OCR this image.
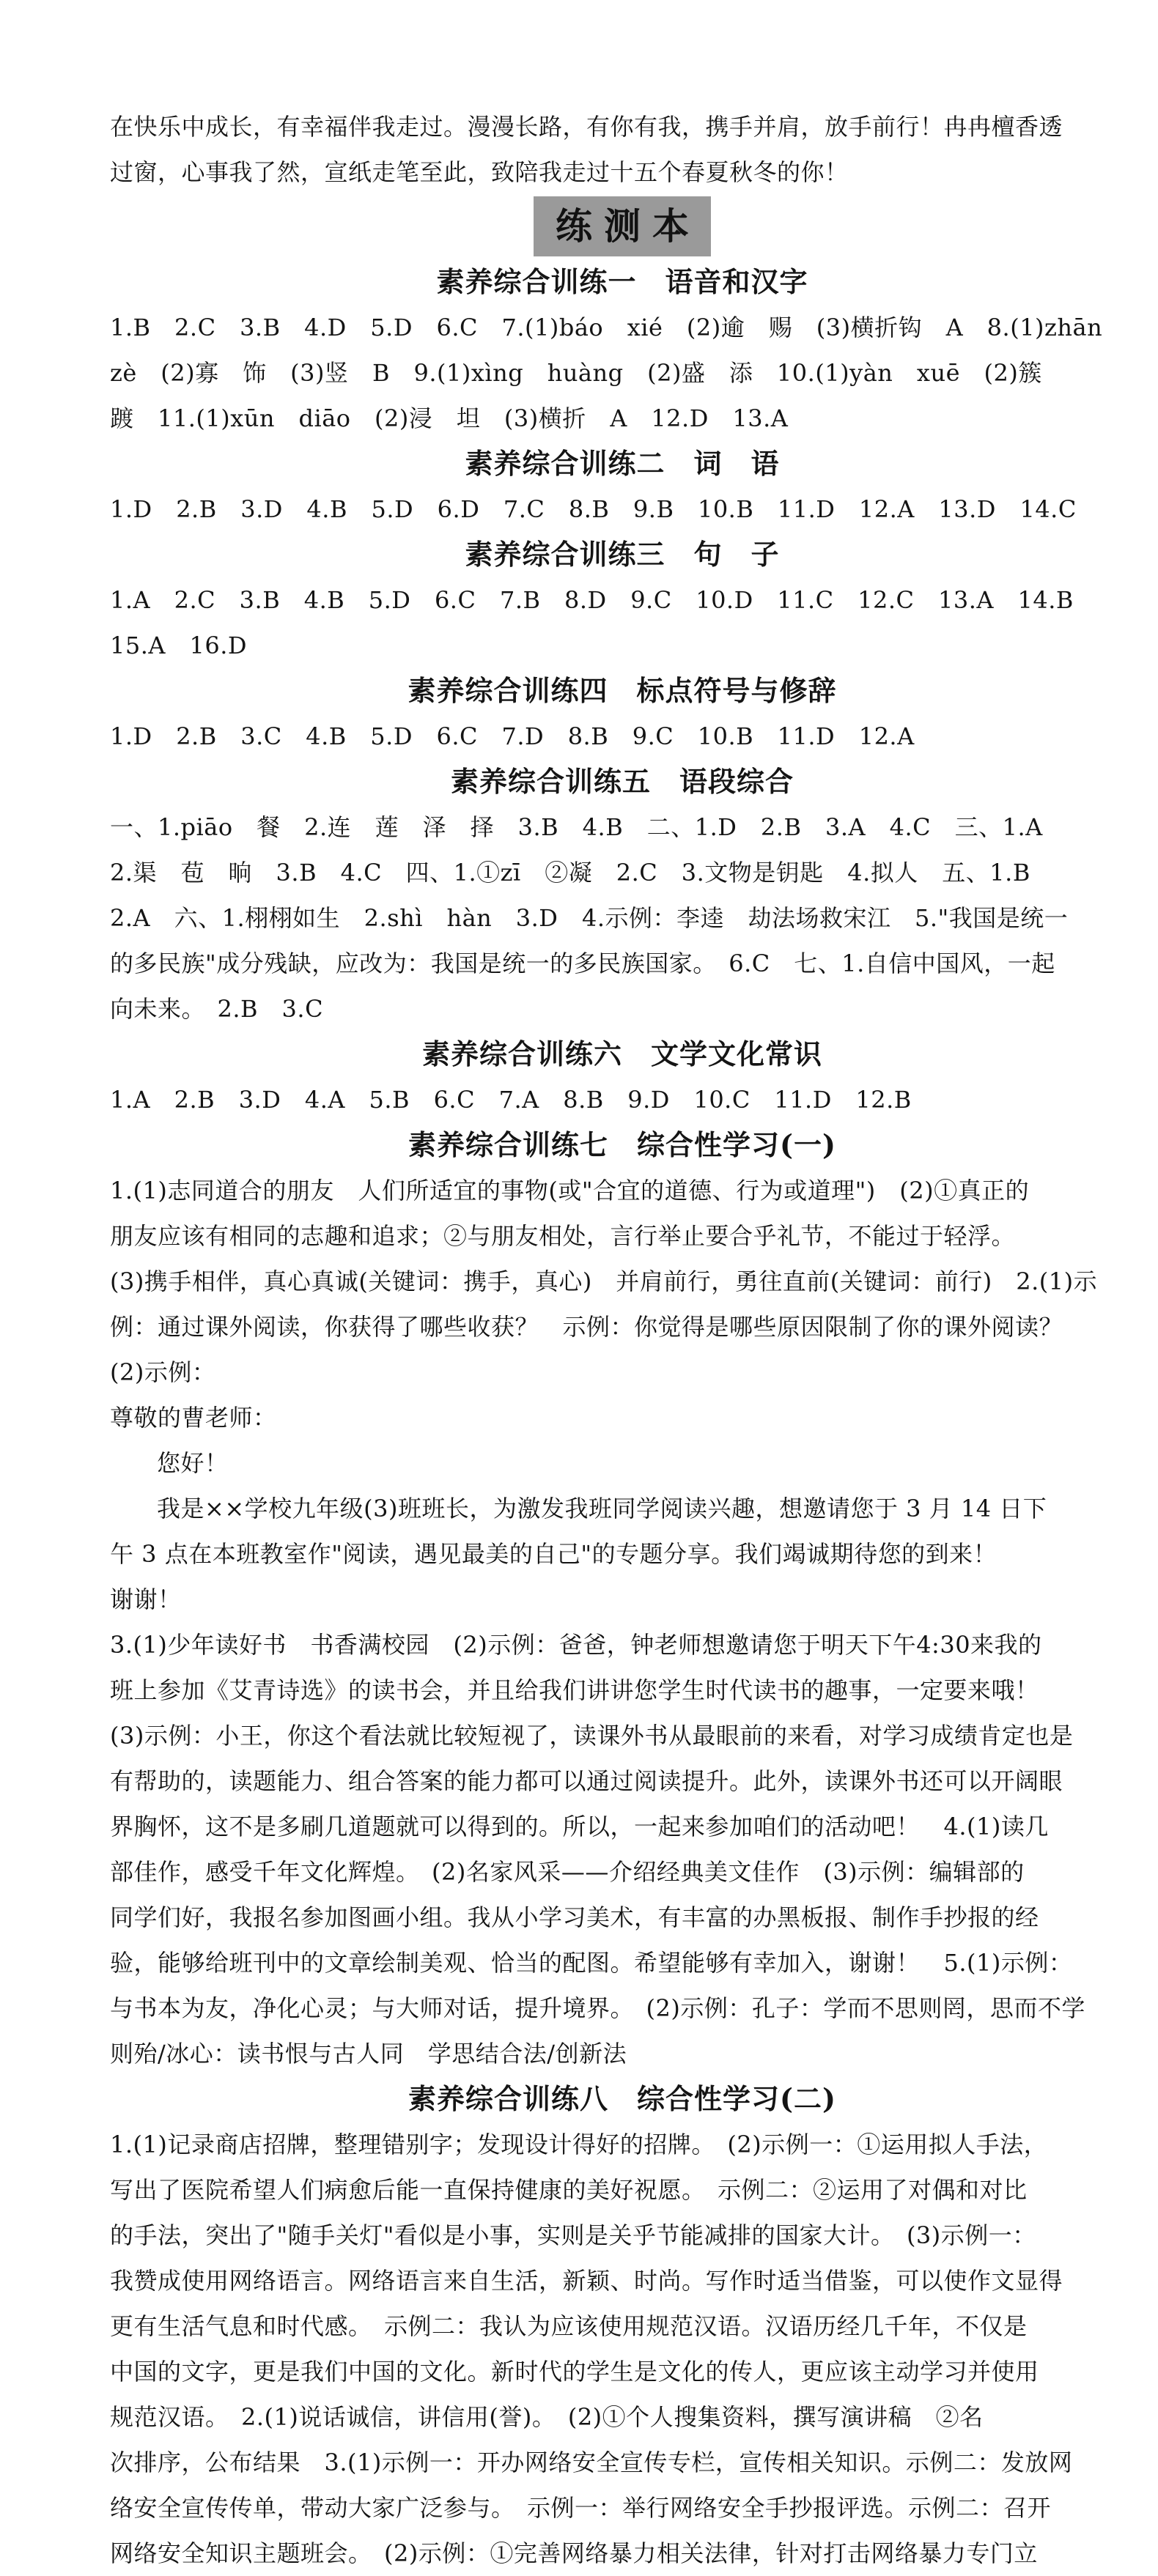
在快乐中成长，有幸福伴我走过。漫漫长路，有你有我，携手并肩，放手前行！冉冉檀香透

过窗，心事我了然，宣纸走笔至此，致陪我走过十五个春夏秋冬的你！

练测本
素养综合训练一　语音和汉字

1.B　2.C　3.B　4.D　5.D　6.C　7.(1)báo　xié　(2)逾　赐　(3)横折钩　A　8.(1)zhān

zè　(2)寡　饰　(3)竖　B　9.(1)xìng　huàng　(2)盛　添　10.(1)yàn　xuē　(2)簇

踱　11.(1)xūn　diāo　(2)浸　坦　(3)横折　A　12.D　13.A

素养综合训练二　词　语

1.D　2.B　3.D　4.B　5.D　6.D　7.C　8.B　9.B　10.B　11.D　12.A　13.D　14.C

素养综合训练三　句　子

1.A　2.C　3.B　4.B　5.D　6.C　7.B　8.D　9.C　10.D　11.C　12.C　13.A　14.B

15.A　16.D

素养综合训练四　标点符号与修辞

1.D　2.B　3.C　4.B　5.D　6.C　7.D　8.B　9.C　10.B　11.D　12.A

素养综合训练五　语段综合

一、1.piāo　餐　2.连　莲　泽　择　3.B　4.B　二、1.D　2.B　3.A　4.C　三、1.A

2.渠　苞　晌　3.B　4.C　四、1.①zī　②凝　2.C　3.文物是钥匙　4.拟人　五、1.B

2.A　六、1.栩栩如生　2.shì　hàn　3.D　4.示例：李逵　劫法场救宋江　5."我国是统一

的多民族"成分残缺，应改为：我国是统一的多民族国家。　6.C　七、1.自信中国风，一起

向未来。　2.B　3.C

素养综合训练六　文学文化常识

1.A　2.B　3.D　4.A　5.B　6.C　7.A　8.B　9.D　10.C　11.D　12.B

素养综合训练七　综合性学习(一)

1.(1)志同道合的朋友　人们所适宜的事物(或"合宜的道德、行为或道理")　(2)①真正的

朋友应该有相同的志趣和追求；②与朋友相处，言行举止要合乎礼节，不能过于轻浮。

(3)携手相伴，真心真诚(关键词：携手，真心)　并肩前行，勇往直前(关键词：前行)　2.(1)示

例：通过课外阅读，你获得了哪些收获？　示例：你觉得是哪些原因限制了你的课外阅读？

(2)示例：

尊敬的曹老师：

您好！

我是××学校九年级(3)班班长，为激发我班同学阅读兴趣，想邀请您于 3 月 14 日下

午 3 点在本班教室作"阅读，遇见最美的自己"的专题分享。我们竭诚期待您的到来！

谢谢！

3.(1)少年读好书　书香满校园　(2)示例：爸爸，钟老师想邀请您于明天下午4:30来我的

班上参加《艾青诗选》的读书会，并且给我们讲讲您学生时代读书的趣事，一定要来哦！

(3)示例：小王，你这个看法就比较短视了，读课外书从最眼前的来看，对学习成绩肯定也是

有帮助的，读题能力、组合答案的能力都可以通过阅读提升。此外，读课外书还可以开阔眼

界胸怀，这不是多刷几道题就可以得到的。所以，一起来参加咱们的活动吧！　4.(1)读几

部佳作，感受千年文化辉煌。　(2)名家风采——介绍经典美文佳作　(3)示例：编辑部的

同学们好，我报名参加图画小组。我从小学习美术，有丰富的办黑板报、制作手抄报的经

验，能够给班刊中的文章绘制美观、恰当的配图。希望能够有幸加入，谢谢！　5.(1)示例：

与书本为友，净化心灵；与大师对话，提升境界。　(2)示例：孔子：学而不思则罔，思而不学

则殆/冰心：读书恨与古人同　学思结合法/创新法

素养综合训练八　综合性学习(二)

1.(1)记录商店招牌，整理错别字；发现设计得好的招牌。　(2)示例一：①运用拟人手法，

写出了医院希望人们病愈后能一直保持健康的美好祝愿。　示例二：②运用了对偶和对比

的手法，突出了"随手关灯"看似是小事，实则是关乎节能减排的国家大计。　(3)示例一：

我赞成使用网络语言。网络语言来自生活，新颖、时尚。写作时适当借鉴，可以使作文显得

更有生活气息和时代感。　示例二：我认为应该使用规范汉语。汉语历经几千年，不仅是

中国的文字，更是我们中国的文化。新时代的学生是文化的传人，更应该主动学习并使用

规范汉语。　2.(1)说话诚信，讲信用(誉)。　(2)①个人搜集资料，撰写演讲稿　②名

次排序，公布结果　3.(1)示例一：开办网络安全宣传专栏，宣传相关知识。示例二：发放网

络安全宣传传单，带动大家广泛参与。　示例一：举行网络安全手抄报评选。示例二：召开

网络安全知识主题班会。　(2)示例：①完善网络暴力相关法律，针对打击网络暴力专门立
